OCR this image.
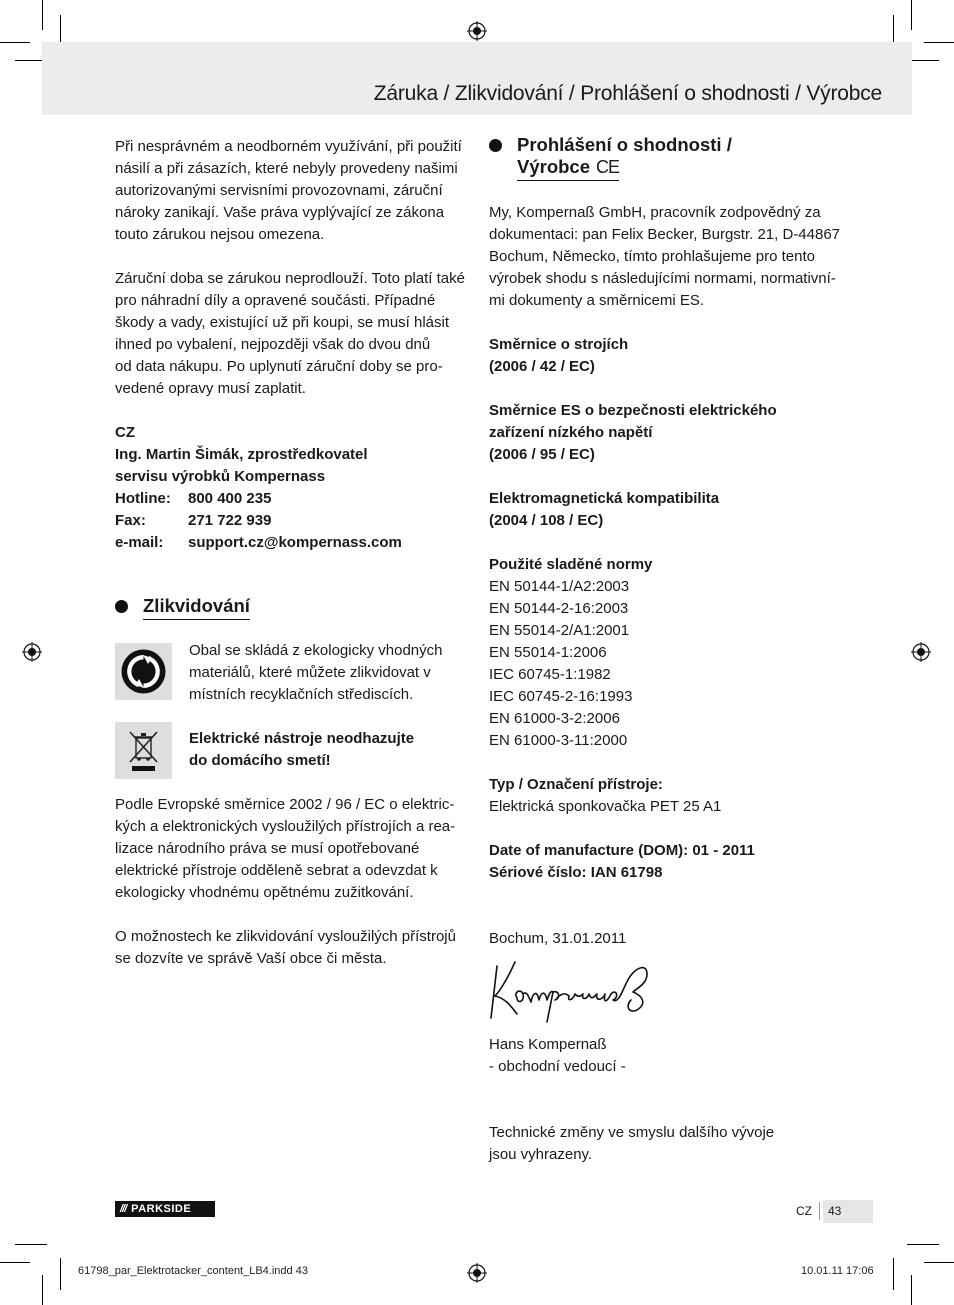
Záruka / Zlikvidování / Prohlášení o shodnosti / Výrobce

Při nesprávném a neodborném využívání, při použití
násilí a při zásazích, které nebyly provedeny našimi
autorizovanými servisními provozovnami, záruční
nároky zanikají. Vaše práva vyplývající ze zákona
touto zárukou nejsou omezena.

Záruční doba se zárukou neprodlouží. Toto platí také
pro náhradní díly a opravené součásti. Případné
škody a vady, existující už při koupi, se musí hlásit
ihned po vybalení, nejpozději však do dvou dnů
od data nákupu. Po uplynutí záruční doby se pro-
vedené opravy musí zaplatit.

CZ
Ing. Martin Šimák, zprostředkovatel
servisu výrobků Kompernass
Hotline:	800 400 235
Fax:	271 722 939
e-mail:	support.cz@kompernass.com
Zlikvidování
Obal se skládá z ekologicky vhodných
materiálů, které můžete zlikvidovat v
místních recyklačních střediscích.
Elektrické nástroje neodhazujte
do domácího smetí!

Podle Evropské směrnice 2002 / 96 / EC o elektric-
kých a elektronických vysloužilých přístrojích a rea-
lizace národního práva se musí opotřebované
elektrické přístroje odděleně sebrat a odevzdat k
ekologicky vhodnému opětnému zužitkování.

O možnostech ke zlikvidování vysloužilých přístrojů
se dozvíte ve správě Vaší obce či města.

Prohlášení o shodnosti /
Výrobce CE

My, Kompernaß GmbH, pracovník zodpovědný za
dokumentaci: pan Felix Becker, Burgstr. 21, D-44867
Bochum, Německo, tímto prohlašujeme pro tento
výrobek shodu s následujícími normami, normativní-
mi dokumenty a směrnicemi ES.

Směrnice o strojích
(2006 / 42 / EC)

Směrnice ES o bezpečnosti elektrického
zařízení nízkého napětí
(2006 / 95 / EC)

Elektromagnetická kompatibilita
(2004 / 108 / EC)

Použité sladěné normy
EN 50144-1/A2:2003
EN 50144-2-16:2003
EN 55014-2/A1:2001
EN 55014-1:2006
IEC 60745-1:1982
IEC 60745-2-16:1993
EN 61000-3-2:2006
EN 61000-3-11:2000
Typ / Označení přístroje:
Elektrická sponkovačka PET 25 A1
Date of manufacture (DOM): 01 - 2011
Sériové číslo: IAN 61798
Bochum, 31.01.2011
Hans Kompernaß
- obchodní vedoucí -

Technické změny ve smyslu dalšího vývoje
jsou vyhrazeny.

/// PARKSIDE	CZ 43
61798_par_Elektrotacker_content_LB4.indd 43	10.01.11 17:06
